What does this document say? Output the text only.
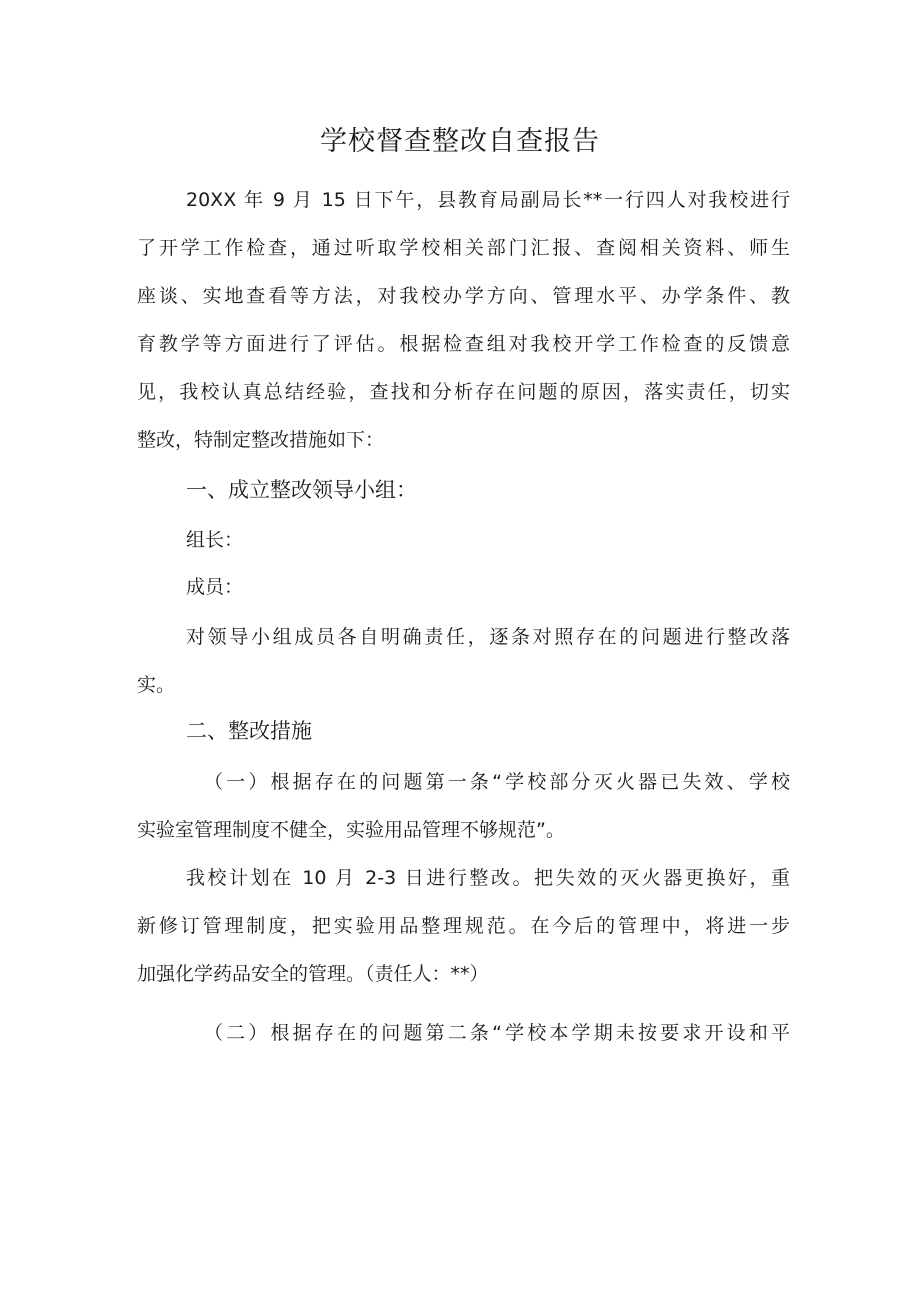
学校督查整改自查报告
20XX 年 9 月 15 日下午，县教育局副局长**一行四人对我校进行
了开学工作检查，通过听取学校相关部门汇报、查阅相关资料、师生
座谈、实地查看等方法，对我校办学方向、管理水平、办学条件、教
育教学等方面进行了评估。根据检查组对我校开学工作检查的反馈意
见，我校认真总结经验，查找和分析存在问题的原因，落实责任，切实
整改，特制定整改措施如下：
一、成立整改领导小组：
组长：
成员：
对领导小组成员各自明确责任，逐条对照存在的问题进行整改落
实。
二、整改措施
（一）根据存在的问题第一条“学校部分灭火器已失效、学校
实验室管理制度不健全，实验用品管理不够规范”。
我校计划在 10 月 2-3 日进行整改。把失效的灭火器更换好，重
新修订管理制度，把实验用品整理规范。在今后的管理中，将进一步
加强化学药品安全的管理。（责任人：**）
（二）根据存在的问题第二条“学校本学期未按要求开设和平
